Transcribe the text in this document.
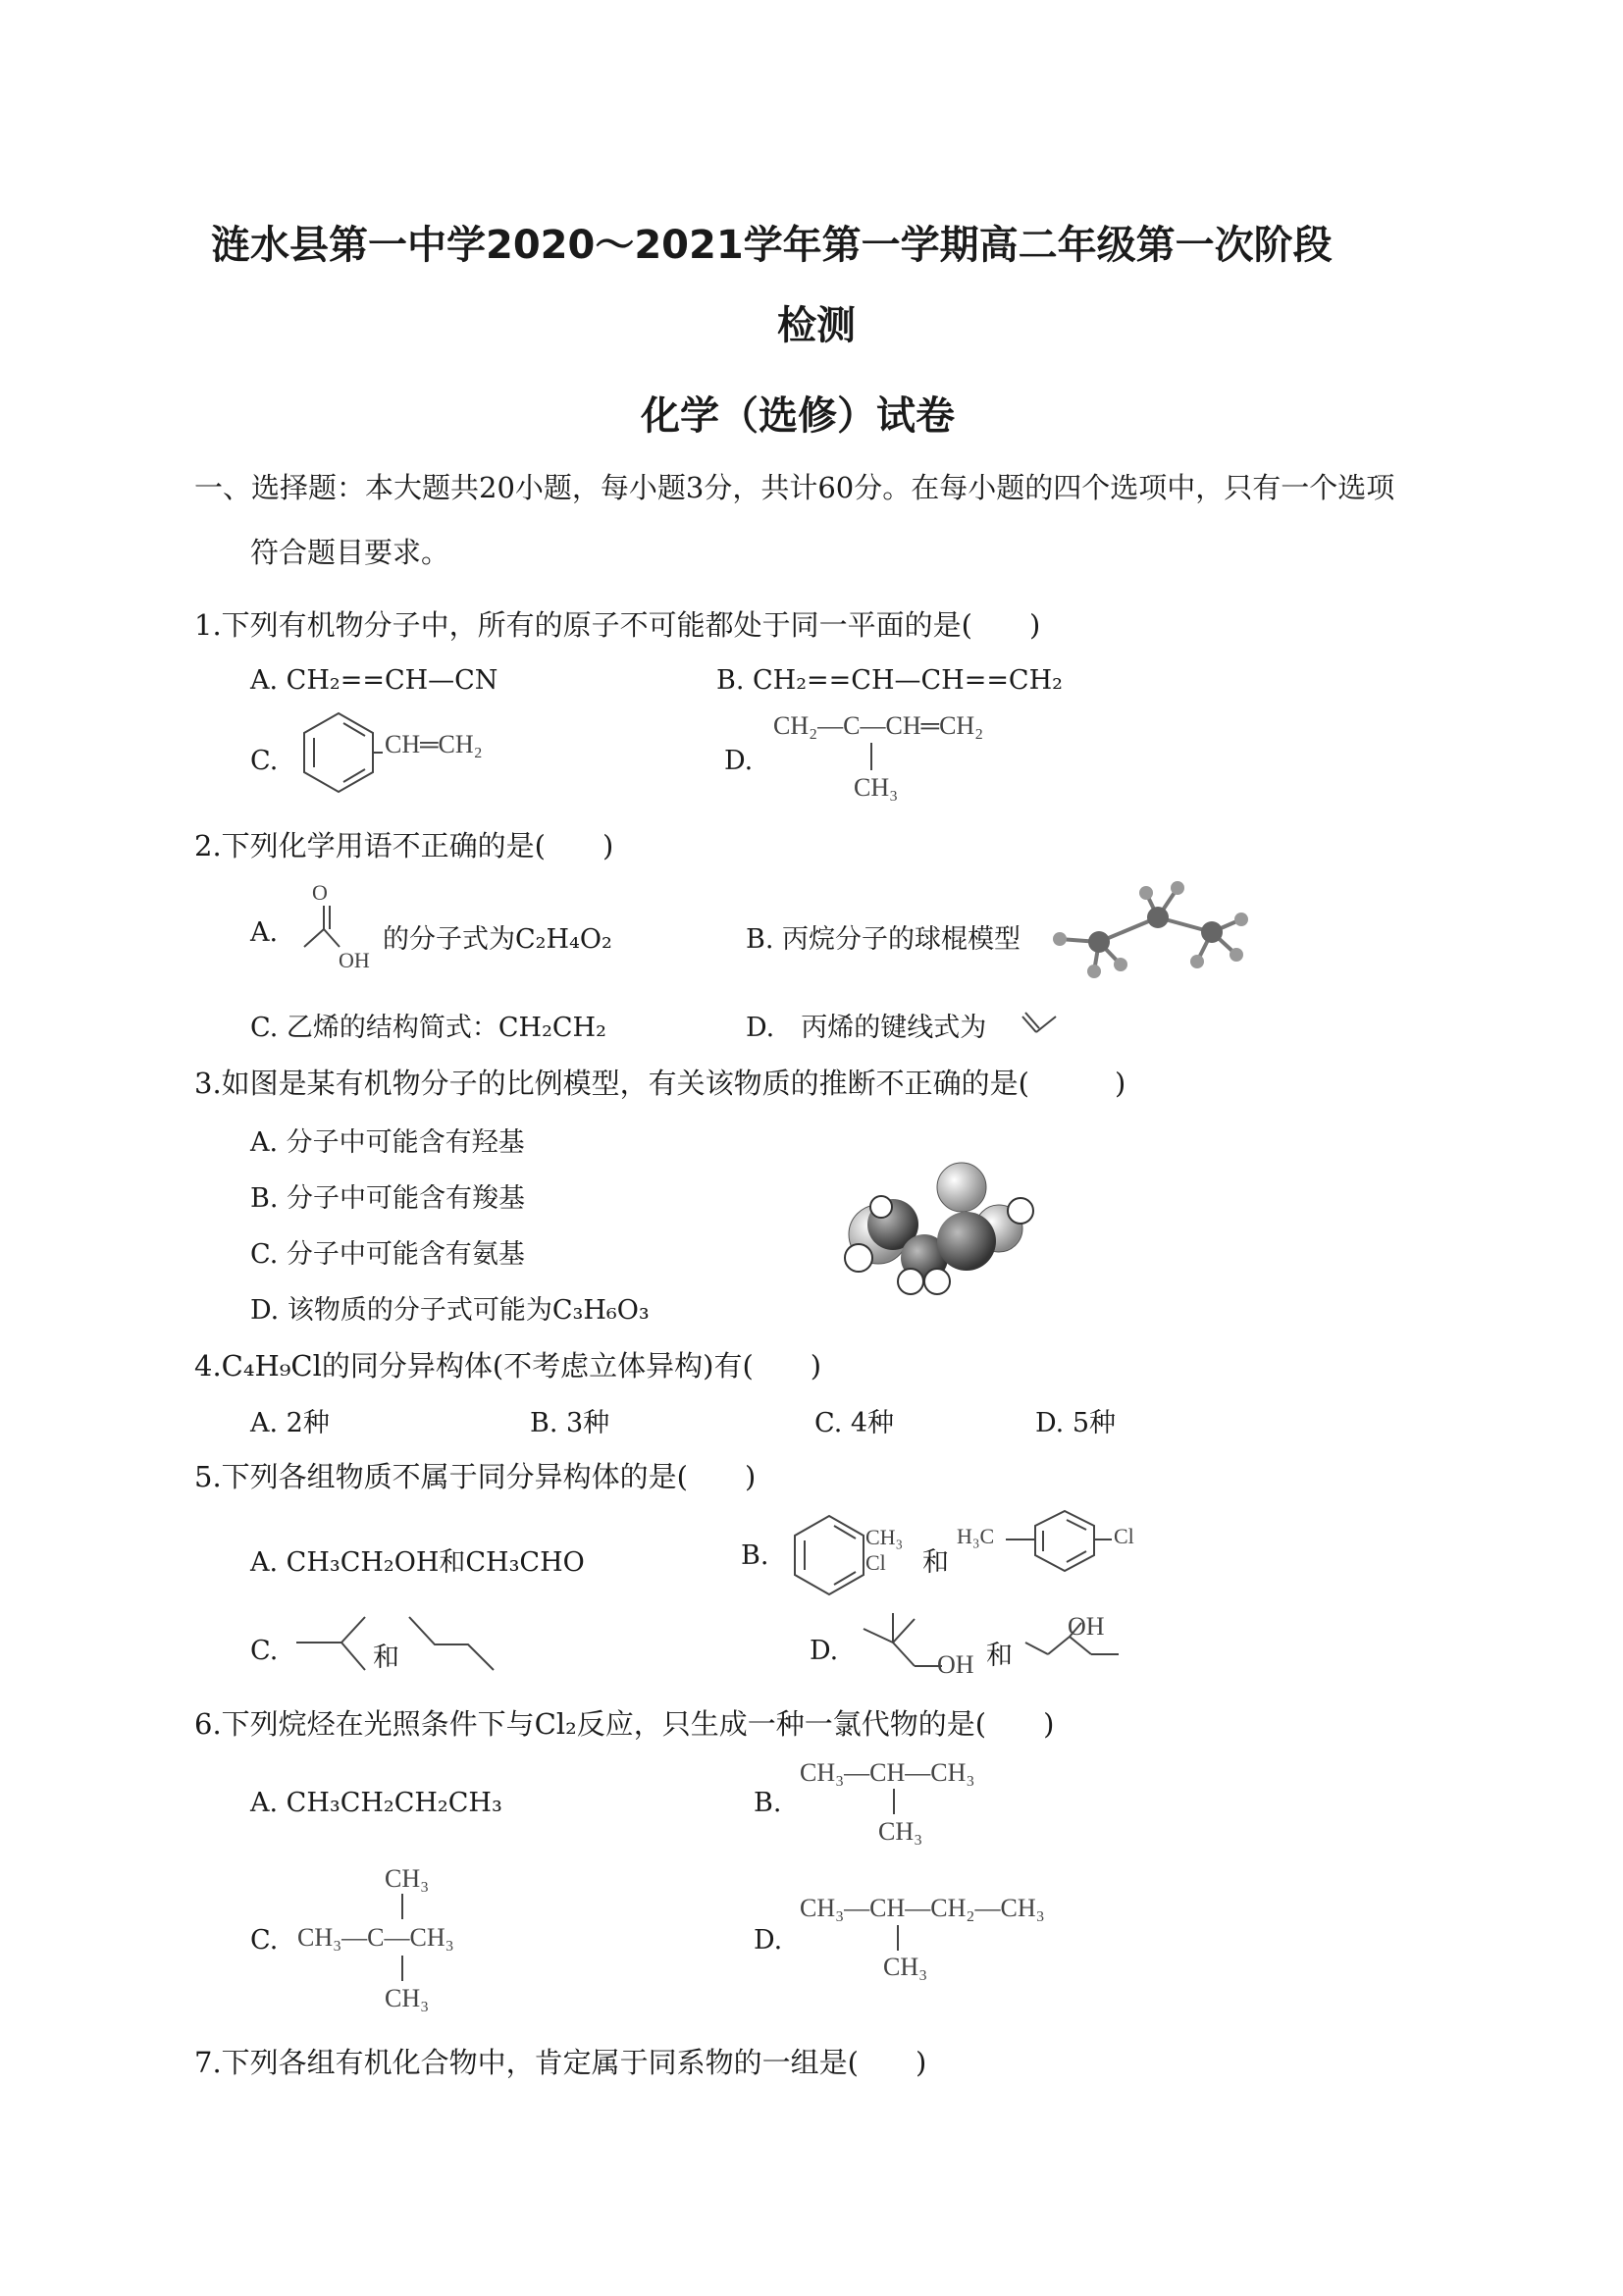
涟水县第一中学2020～2021学年第一学期高二年级第一次阶段
检测
化学（选修）试卷
一、选择题：本大题共20小题，每小题3分，共计60分。在每小题的四个选项中，只有一个选项
符合题目要求。
1.下列有机物分子中，所有的原子不可能都处于同一平面的是(　　)
A. CH₂==CH—CN	B. CH₂==CH—CH==CH₂
C.
CH═CH₂
D.
CH₂—C—CH═CH₂
CH₃
2.下列化学用语不正确的是(　　)
A.
O
OH
的分子式为C₂H₄O₂	B. 丙烷分子的球棍模型
C. 乙烯的结构简式：CH₂CH₂	D.　丙烯的键线式为
3.如图是某有机物分子的比例模型，有关该物质的推断不正确的是(　　　)
A. 分子中可能含有羟基
B. 分子中可能含有羧基
C. 分子中可能含有氨基
D. 该物质的分子式可能为C₃H₆O₃
4.C₄H₉Cl的同分异构体(不考虑立体异构)有(　　)
A. 2种	B. 3种	C. 4种	D. 5种
5.下列各组物质不属于同分异构体的是(　　)
A. CH₃CH₂OH和CH₃CHO	B.
CH₃
Cl 和
H₃C	Cl
C.	和	D.	OH 和
OH
6.下列烷烃在光照条件下与Cl₂反应，只生成一种一氯代物的是(　　)
A. CH₃CH₂CH₂CH₃	B.
CH₃—CH—CH₃
CH₃
C.
CH₃
CH₃—C—CH₃
CH₃
D.
CH₃—CH—CH₂—CH₃
CH₃
7.下列各组有机化合物中，肯定属于同系物的一组是(　　)
